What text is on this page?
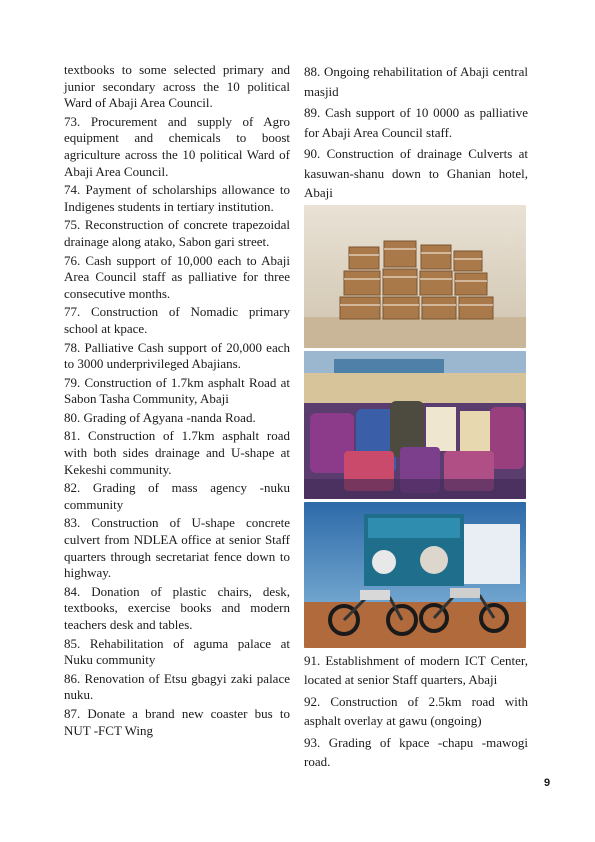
textbooks to some selected primary and junior secondary across the 10 political Ward of Abaji Area Council.

73. Procurement and supply of Agro equipment and chemicals to boost agriculture across the 10 political Ward of Abaji Area Council.

74. Payment of scholarships allowance to Indigenes students in tertiary institution.

75. Reconstruction of concrete trapezoidal drainage along atako, Sabon gari street.

76. Cash support of 10,000 each to Abaji Area Council staff as palliative for three consecutive months.

77. Construction of Nomadic primary school at kpace.

78. Palliative Cash support of 20,000 each to 3000 underprivileged Abajians.

79. Construction of 1.7km asphalt Road at Sabon Tasha Community, Abaji

80. Grading of Agyana -nanda Road.

81. Construction of 1.7km asphalt road with both sides drainage and U-shape at Kekeshi community.

82. Grading of mass agency -nuku community

83. Construction of U-shape concrete culvert from NDLEA office at senior Staff quarters through secretariat fence down to highway.

84. Donation of plastic chairs, desk, textbooks, exercise books and modern teachers desk and tables.

85. Rehabilitation of aguma palace at Nuku community

86. Renovation of Etsu gbagyi zaki palace nuku.

87. Donate a brand new coaster bus to NUT -FCT Wing

88. Ongoing rehabilitation of Abaji central masjid

89. Cash support of 10 0000 as palliative for Abaji Area Council staff.

90. Construction of drainage Culverts at kasuwan-shanu down to Ghanian hotel, Abaji

91. Establishment of modern ICT Center, located at senior Staff quarters, Abaji

92. Construction of 2.5km road with asphalt overlay at gawu (ongoing)

93. Grading of kpace -chapu -mawogi road.

9
